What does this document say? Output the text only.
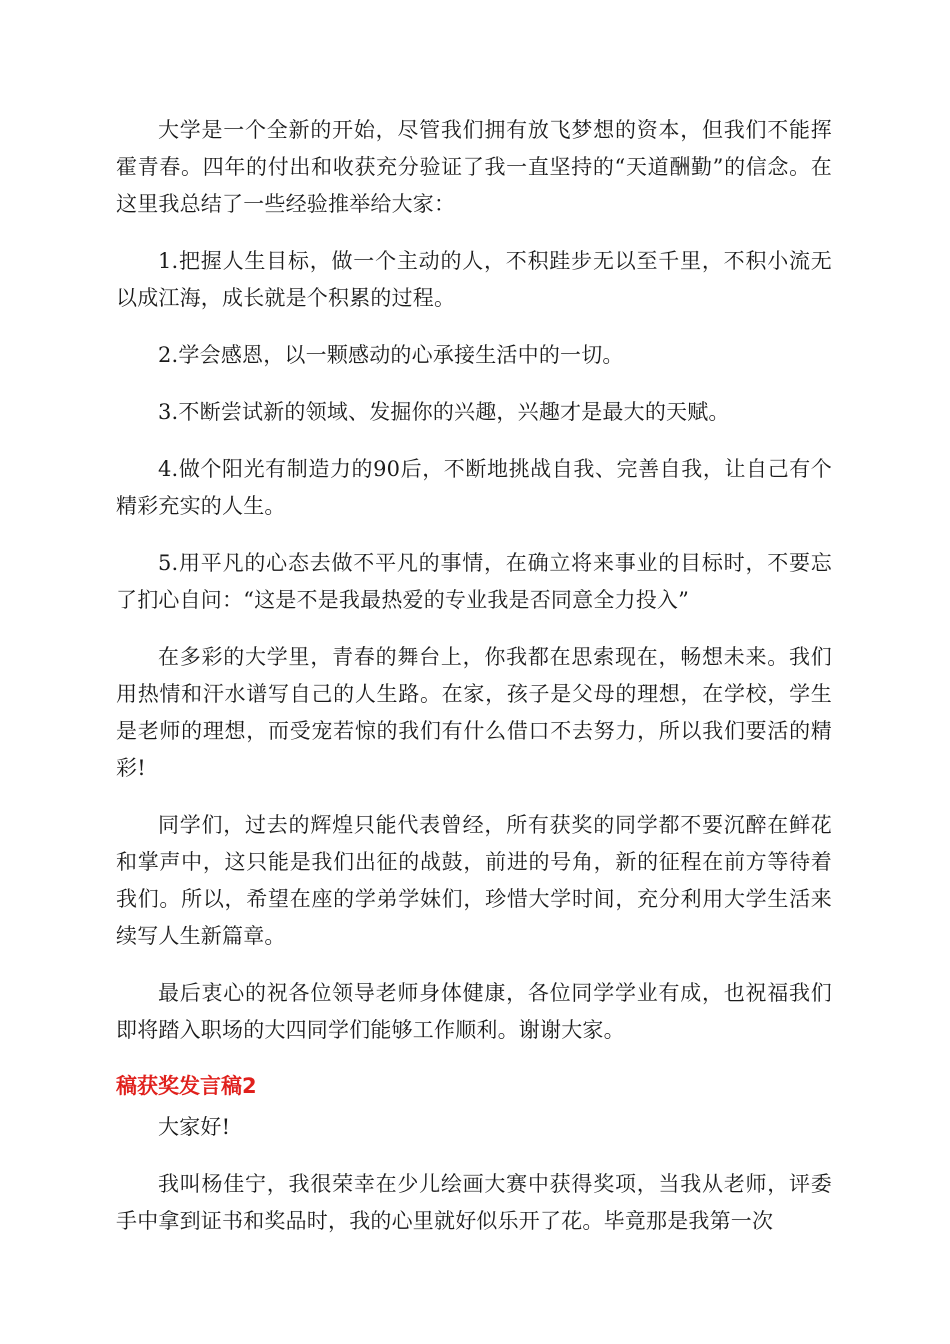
大学是一个全新的开始，尽管我们拥有放飞梦想的资本，但我们不能挥霍青春。四年的付出和收获充分验证了我一直坚持的“天道酬勤”的信念。在这里我总结了一些经验推举给大家：

1.把握人生目标，做一个主动的人，不积跬步无以至千里，不积小流无以成江海，成长就是个积累的过程。

2.学会感恩，以一颗感动的心承接生活中的一切。

3.不断尝试新的领域、发掘你的兴趣，兴趣才是最大的天赋。

4.做个阳光有制造力的90后，不断地挑战自我、完善自我，让自己有个精彩充实的人生。

5.用平凡的心态去做不平凡的事情，在确立将来事业的目标时，不要忘了扪心自问：“这是不是我最热爱的专业我是否同意全力投入”

在多彩的大学里，青春的舞台上，你我都在思索现在，畅想未来。我们用热情和汗水谱写自己的人生路。在家，孩子是父母的理想，在学校，学生是老师的理想，而受宠若惊的我们有什么借口不去努力，所以我们要活的精彩!

同学们，过去的辉煌只能代表曾经，所有获奖的同学都不要沉醉在鲜花和掌声中，这只能是我们出征的战鼓，前进的号角，新的征程在前方等待着我们。所以，希望在座的学弟学妹们，珍惜大学时间，充分利用大学生活来续写人生新篇章。

最后衷心的祝各位领导老师身体健康，各位同学学业有成，也祝福我们即将踏入职场的大四同学们能够工作顺利。谢谢大家。

稿获奖发言稿2

大家好!

我叫杨佳宁，我很荣幸在少儿绘画大赛中获得奖项，当我从老师，评委手中拿到证书和奖品时，我的心里就好似乐开了花。毕竟那是我第一次
